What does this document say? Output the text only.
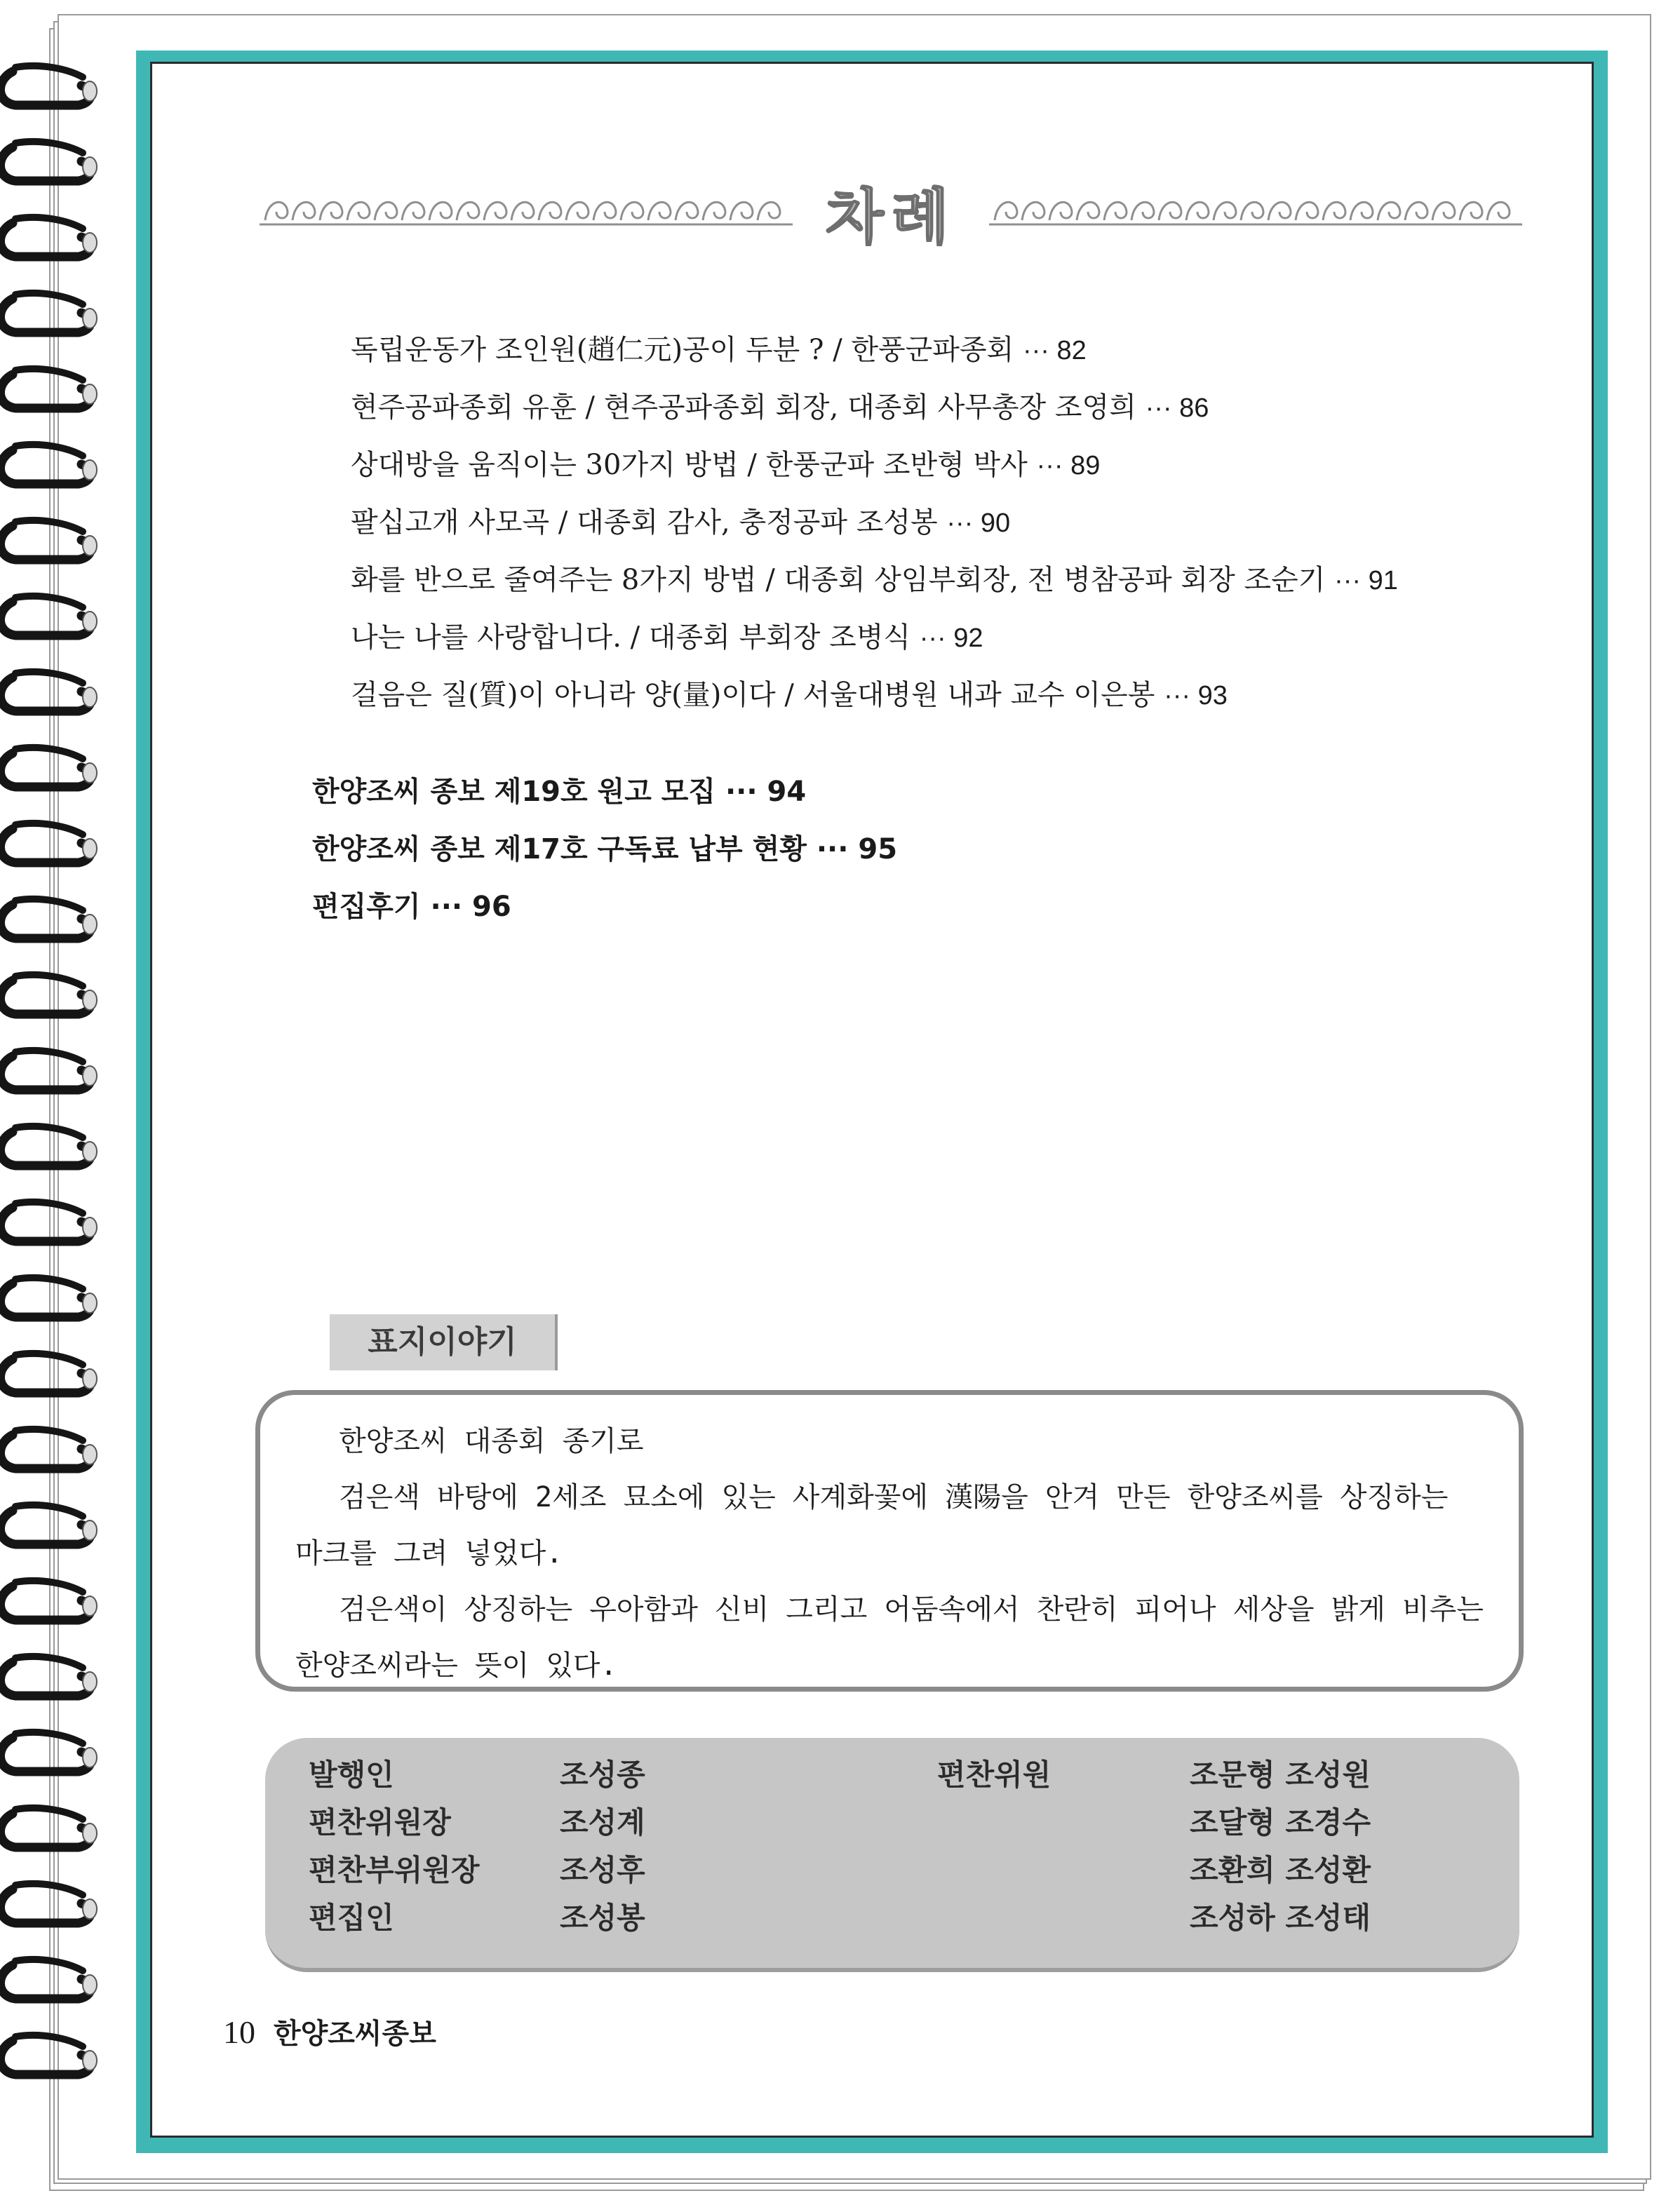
차례
독립운동가 조인원(趙仁元)공이 두분 ? / 한풍군파종회 ··· 82
현주공파종회 유훈 / 현주공파종회 회장, 대종회 사무총장 조영희 ··· 86
상대방을 움직이는 30가지 방법 / 한풍군파 조반형 박사 ··· 89
팔십고개 사모곡 / 대종회 감사, 충정공파 조성봉 ··· 90
화를 반으로 줄여주는 8가지 방법 / 대종회 상임부회장, 전 병참공파 회장 조순기 ··· 91
나는 나를 사랑합니다. / 대종회 부회장 조병식 ··· 92
걸음은 질(質)이 아니라 양(量)이다 / 서울대병원 내과 교수 이은봉 ··· 93
한양조씨 종보 제19호 원고 모집 ··· 94
한양조씨 종보 제17호 구독료 납부 현황 ··· 95
편집후기 ··· 96
표지이야기

한양조씨 대종회 종기로

검은색 바탕에 2세조 묘소에 있는 사계화꽃에 漢陽을 안겨 만든 한양조씨를 상징하는 마크를 그려 넣었다.

검은색이 상징하는 우아함과 신비 그리고 어둠속에서 찬란히 피어나 세상을 밝게 비추는 한양조씨라는 뜻이 있다.

발행인	조성종
편찬위원장	조성계
편찬부위원장	조성후
편집인	조성봉
편찬위원	조문형 조성원
조달형 조경수
조환희 조성환
조성하 조성태
10 한양조씨종보
